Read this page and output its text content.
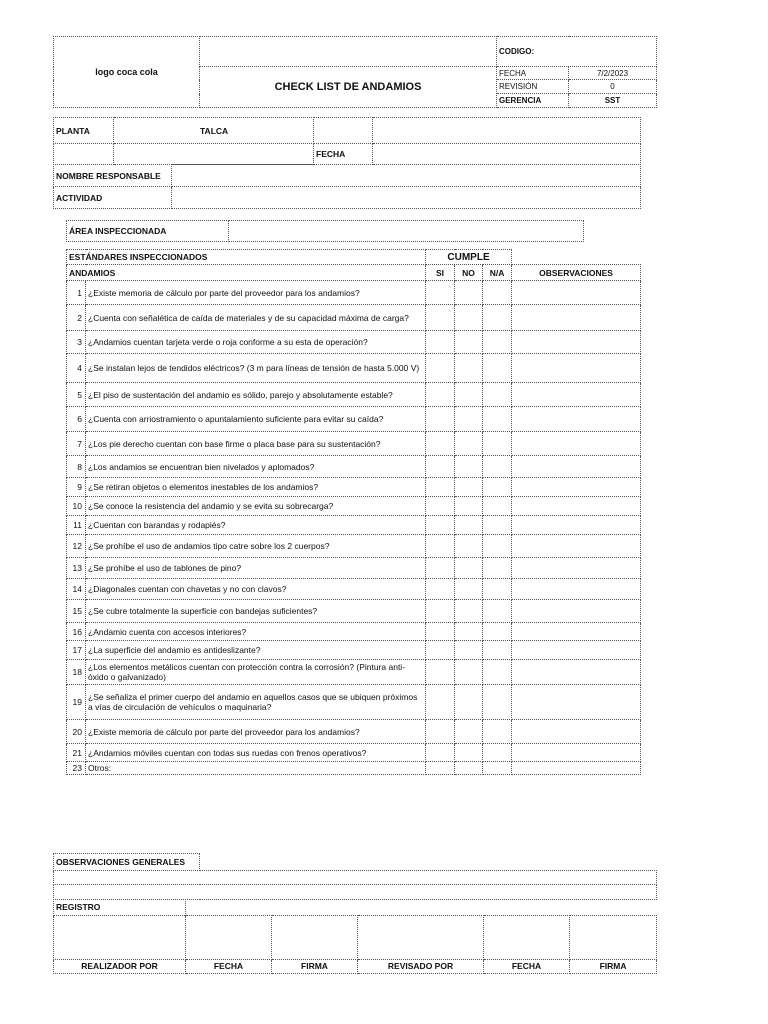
logo coca cola		CODIGO:	
	CHECK LIST DE ANDAMIOS	FECHA	7/2/2023
		REVISIÓN	0
		GERENCIA	SST
PLANTA	TALCA		
		FECHA	
NOMBRE RESPONSABLE	
ACTIVIDAD	
ÁREA INSPECCIONADA	
ESTÁNDARES INSPECCIONADOS		CUMPLE			
ANDAMIOS		SI	NO	N/A	OBSERVACIONES
1	¿Existe memoria de cálculo por parte del proveedor para los andamios?				
2	¿Cuenta con señalética de caída de materiales y de su capacidad máxima de carga?				
3	¿Andamios cuentan tarjeta verde o roja conforme a su esta de operación?				
4	¿Se instalan lejos de tendidos eléctricos? (3 m para líneas de tensión de hasta 5.000 V)				
5	¿El piso de sustentación del andamio es sólido, parejo y absolutamente estable?				
6	¿Cuenta con arriostramiento o apuntalamiento suficiente para evitar su caída?				
7	¿Los pie derecho cuentan con base firme o placa base para su sustentación?				
8	¿Los andamios se encuentran bien nivelados y aplomados?				
9	¿Se retiran objetos o elementos inestables de los andamios?				
10	¿Se conoce la resistencia del andamio y se evita su sobrecarga?				
11	¿Cuentan con barandas y rodapiés?				
12	¿Se prohíbe el uso de andamios tipo catre sobre los 2 cuerpos?				
13	¿Se prohíbe el uso de tablones de pino?				
14	¿Diagonales cuentan con chavetas y no con clavos?				
15	¿Se cubre totalmente la superficie con bandejas suficientes?				
16	¿Andamio cuenta con accesos interiores?				
17	¿La superficie del andamio es antideslizante?				
18	¿Los elementos metálicos cuentan con protección contra la corrosión? (Pintura anti-óxido o galvanizado)				
19	¿Se señaliza el primer cuerpo del andamio en aquellos casos que se ubiquen próximos a vías de circulación de vehículos o maquinaria?				
20	¿Existe memoria de cálculo por parte del proveedor para los andamios?				
21	¿Andamios móviles cuentan con todas sus ruedas con frenos operativos?				
23	Otros:				
OBSERVACIONES GENERALES	

REGISTRO					

REALIZADOR POR	FECHA	FIRMA	REVISADO POR	FECHA	FIRMA
